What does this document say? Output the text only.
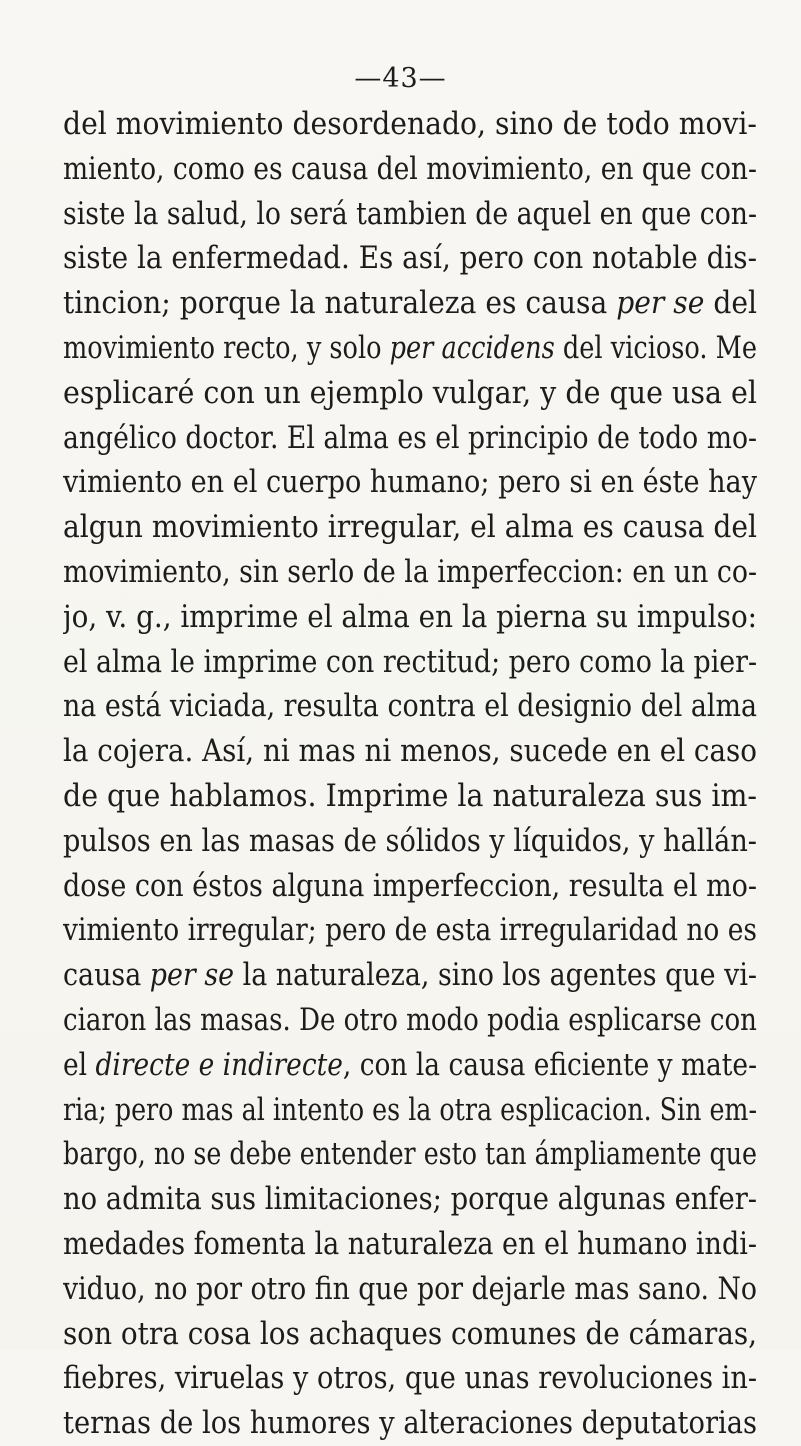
—43—
del movimiento desordenado, sino de todo movi-
miento, como es causa del movimiento, en que con-
siste la salud, lo será tambien de aquel en que con-
siste la enfermedad. Es así, pero con notable dis-
tincion; porque la naturaleza es causa per se del
movimiento recto, y solo per accidens del vicioso. Me
esplicaré con un ejemplo vulgar, y de que usa el
angélico doctor. El alma es el principio de todo mo-
vimiento en el cuerpo humano; pero si en éste hay
algun movimiento irregular, el alma es causa del
movimiento, sin serlo de la imperfeccion: en un co-
jo, v. g., imprime el alma en la pierna su impulso:
el alma le imprime con rectitud; pero como la pier-
na está viciada, resulta contra el designio del alma
la cojera. Así, ni mas ni menos, sucede en el caso
de que hablamos. Imprime la naturaleza sus im-
pulsos en las masas de sólidos y líquidos, y hallán-
dose con éstos alguna imperfeccion, resulta el mo-
vimiento irregular; pero de esta irregularidad no es
causa per se la naturaleza, sino los agentes que vi-
ciaron las masas. De otro modo podia esplicarse con
el directe e indirecte, con la causa eficiente y mate-
ria; pero mas al intento es la otra esplicacion. Sin em-
bargo, no se debe entender esto tan ámpliamente que
no admita sus limitaciones; porque algunas enfer-
medades fomenta la naturaleza en el humano indi-
viduo, no por otro fin que por dejarle mas sano. No
son otra cosa los achaques comunes de cámaras,
fiebres, viruelas y otros, que unas revoluciones in-
ternas de los humores y alteraciones deputatorias
